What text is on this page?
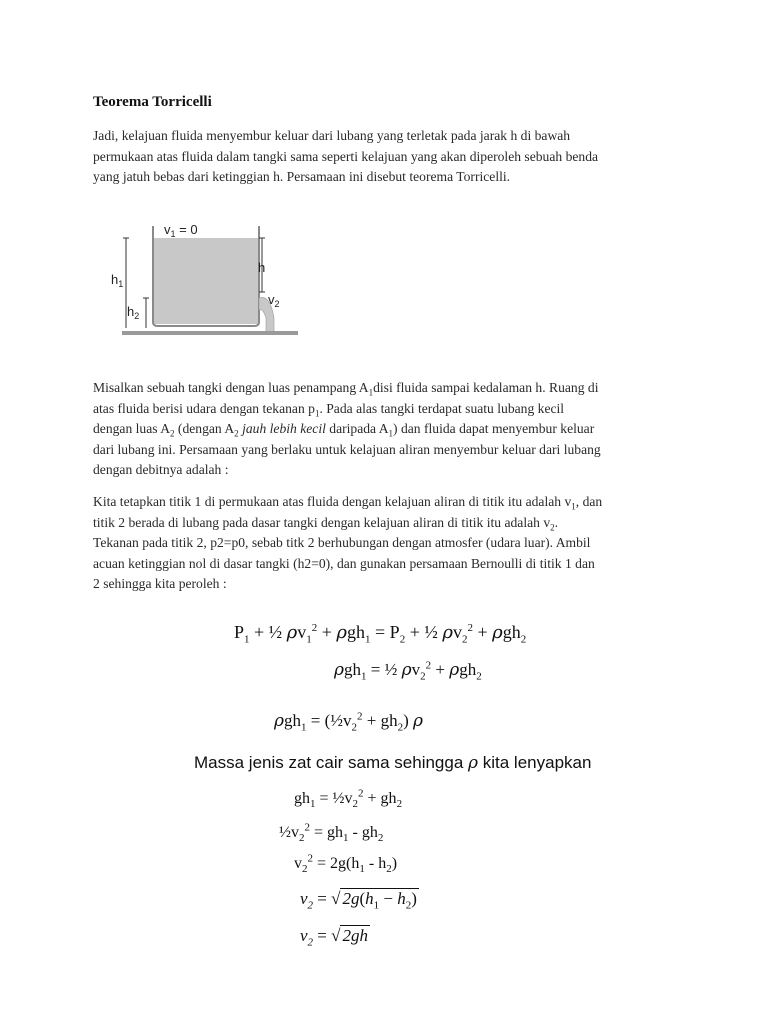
Teorema Torricelli
Jadi, kelajuan fluida menyembur keluar dari lubang yang terletak pada jarak h di bawah
permukaan atas fluida dalam tangki sama seperti kelajuan yang akan diperoleh sebuah benda
yang jatuh bebas dari ketinggian h. Persamaan ini disebut teorema Torricelli.
$v_1 = 0$
$h_1$
$h_2$
h
$v_2$
Misalkan sebuah tangki dengan luas penampang $A_1disi$ fluida sampai kedalaman h. Ruang di
atas fluida berisi udara dengan tekanan $p_1$. Pada alas tangki terdapat suatu lubang kecil
dengan luas $A_2$ (dengan $A_2$ jauh lebih kecil daripada $A_1$) dan fluida dapat menyembur keluar
dari lubang ini. Persamaan yang berlaku untuk kelajuan aliran menyembur keluar dari lubang
dengan debitnya adalah :
Kita tetapkan titik 1 di permukaan atas fluida dengan kelajuan aliran di titik itu adalah $v_1$, dan
titik 2 berada di lubang pada dasar tangki dengan kelajuan aliran di titik itu adalah $v_2$.
Tekanan pada titik 2, p2=p0, sebab titk 2 berhubungan dengan atmosfer (udara luar). Ambil
acuan ketinggian nol di dasar tangki (h2=0), dan gunakan persamaan Bernoulli di titik 1 dan
2 sehingga kita peroleh :
$P_1$ + ½ $\rho v_1^2 + \rho gh_1 = P_2$ + ½ $\rho v_2^2 + \rho gh_2$
ρgh$_1$ = ½ $\rho v_2^2 + \rho gh_2$
$\rho gh_1 = (\frac{1}{2}v_2^2 + gh_2)$ ρ
Massa jenis zat cair sama sehingga ρ kita lenyapkan
$gh_1$ = $\frac{1}{2}v_2^2 + gh_2$
$\frac{1}{2}v_2^2 = gh_1 - gh_2$
$v_2^2 = 2g(h_1 - h_2)$
$v_2$ = √ $2g(h_1 - h_2)$
$v_2$ = √ 2gh
